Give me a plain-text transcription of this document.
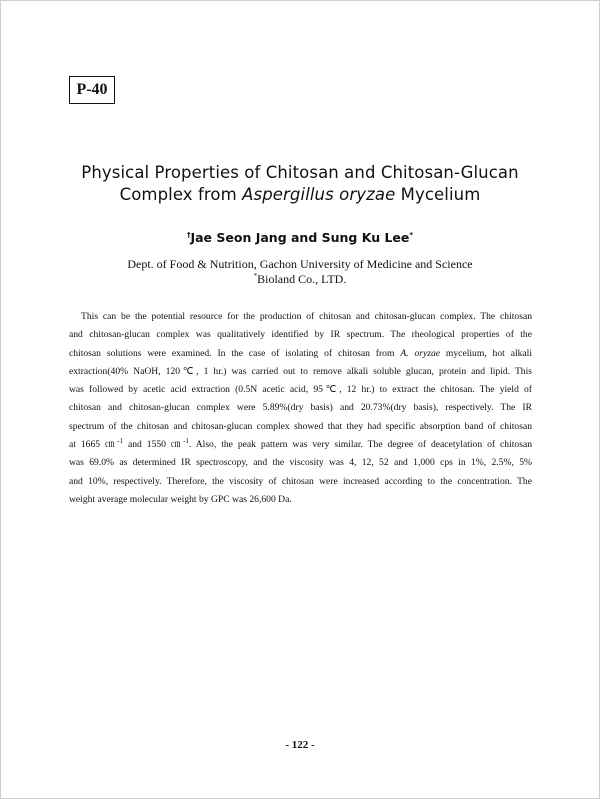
P-40
Physical Properties of Chitosan and Chitosan-Glucan
Complex from Aspergillus oryzae Mycelium
†Jae Seon Jang and Sung Ku Lee*
Dept. of Food & Nutrition, Gachon University of Medicine and Science
*Bioland Co., LTD.
This can be the potential resource for the production of chitosan and chitosan-glucan complex. The chitosan
and chitosan-glucan complex was qualitatively identified by IR spectrum. The rheological properties of the
chitosan solutions were examined. In the case of isolating of chitosan from A. oryzae mycelium, hot alkali
extraction(40% NaOH, 120℃, 1 hr.) was carried out to remove alkali soluble glucan, protein and lipid. This
was followed by acetic acid extraction (0.5N acetic acid, 95℃, 12 hr.) to extract the chitosan. The yield of
chitosan and chitosan-glucan complex were 5.89%(dry basis) and 20.73%(dry basis), respectively. The IR
spectrum of the chitosan and chitosan-glucan complex showed that they had specific absorption band of chitosan
at 1665 ㎝$^{-1}$ and 1550 ㎝$^{-1}$. Also, the peak pattern was very similar. The degree of deacetylation of chitosan
was 69.0% as determined IR spectroscopy, and the viscosity was 4, 12, 52 and 1,000 cps in 1%, 2.5%, 5%
and 10%, respectively. Therefore, the viscosity of chitosan were increased according to the concentration. The
weight average molecular weight by GPC was 26,600 Da.
- 122 -
